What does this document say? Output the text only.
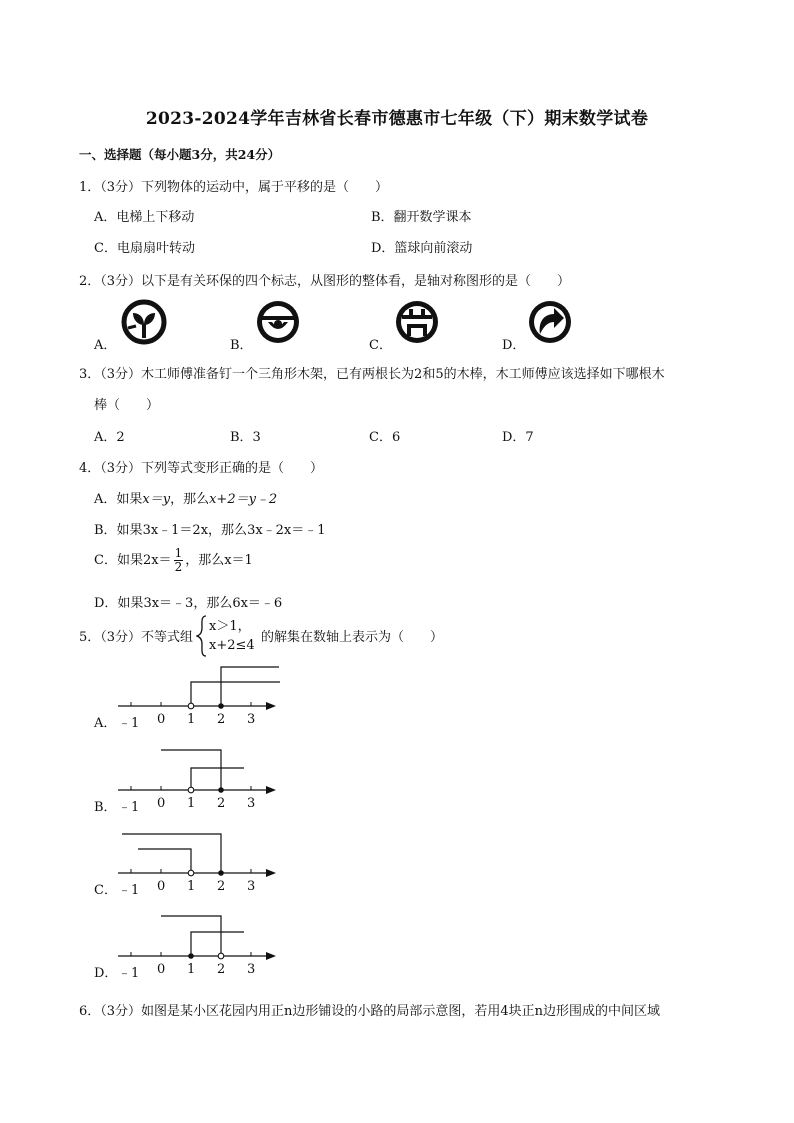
2023-2024学年吉林省长春市德惠市七年级（下）期末数学试卷
一、选择题（每小题3分，共24分）
1．（3分）下列物体的运动中，属于平移的是（　　）
A．电梯上下移动	B．翻开数学课本
C．电扇扇叶转动	D．篮球向前滚动
2．（3分）以下是有关环保的四个标志，从图形的整体看，是轴对称图形的是（　　）
A．	B．	C．	D．
3．（3分）木工师傅准备钉一个三角形木架，已有两根长为2和5的木棒，木工师傅应该选择如下哪根木
棒（　　）
A．2	B．3	C．6	D．7
4．（3分）下列等式变形正确的是（　　）
A．如果x＝y，那么x+2＝y﹣2
B．如果3x﹣1＝2x，那么3x﹣2x＝﹣1
C．如果$2x= \frac{1}{2}$ ，那么x＝1
D．如果3x＝﹣3，那么6x＝﹣6
5．（3分）不等式组
x＞1，
x+2≤4
的解集在数轴上表示为（　　）
A． ﹣1 0 1 2 3
B． ﹣1 0 1 2 3
C． ﹣1 0 1 2 3
D． ﹣1 0 1 2 3
6．（3分）如图是某小区花园内用正n边形铺设的小路的局部示意图，若用4块正n边形围成的中间区域
